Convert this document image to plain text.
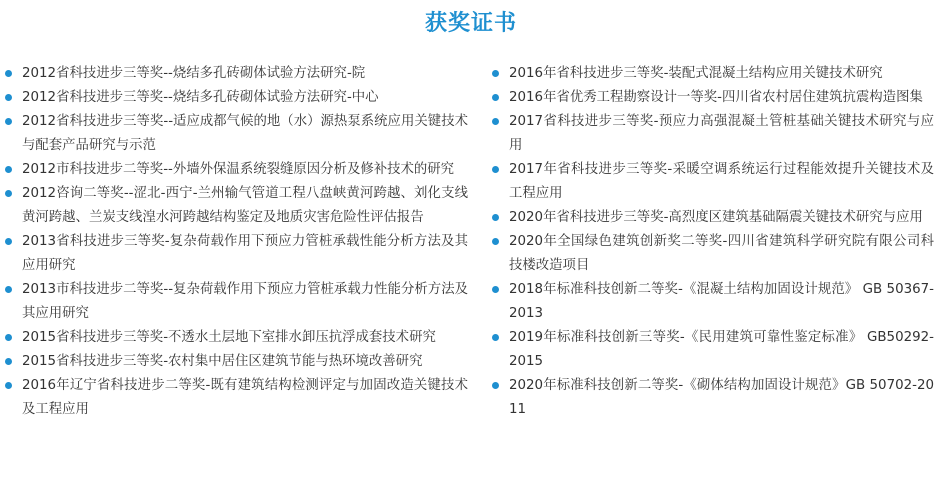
获奖证书
2012省科技进步三等奖--烧结多孔砖砌体试验方法研究-院
2012省科技进步三等奖--烧结多孔砖砌体试验方法研究-中心
2012省科技进步三等奖--适应成都气候的地（水）源热泵系统应用关键技术与配套产品研究与示范
2012市科技进步二等奖--外墙外保温系统裂缝原因分析及修补技术的研究
2012咨询二等奖--涩北-西宁-兰州输气管道工程八盘峡黄河跨越、刘化支线黄河跨越、兰炭支线湟水河跨越结构鉴定及地质灾害危险性评估报告
2013省科技进步三等奖-复杂荷载作用下预应力管桩承载性能分析方法及其应用研究
2013市科技进步二等奖--复杂荷载作用下预应力管桩承载力性能分析方法及其应用研究
2015省科技进步三等奖-不透水土层地下室排水卸压抗浮成套技术研究
2015省科技进步三等奖-农村集中居住区建筑节能与热环境改善研究
2016年辽宁省科技进步二等奖-既有建筑结构检测评定与加固改造关键技术及工程应用
2016年省科技进步三等奖-装配式混凝土结构应用关键技术研究
2016年省优秀工程勘察设计一等奖-四川省农村居住建筑抗震构造图集
2017省科技进步三等奖-预应力高强混凝土管桩基础关键技术研究与应用
2017年省科技进步三等奖-采暖空调系统运行过程能效提升关键技术及工程应用
2020年省科技进步三等奖-高烈度区建筑基础隔震关键技术研究与应用
2020年全国绿色建筑创新奖二等奖-四川省建筑科学研究院有限公司科技楼改造项目
2018年标准科技创新二等奖-《混凝土结构加固设计规范》 GB 50367-2013
2019年标准科技创新三等奖-《民用建筑可靠性鉴定标准》 GB50292-2015
2020年标准科技创新二等奖-《砌体结构加固设计规范》GB 50702-2011
